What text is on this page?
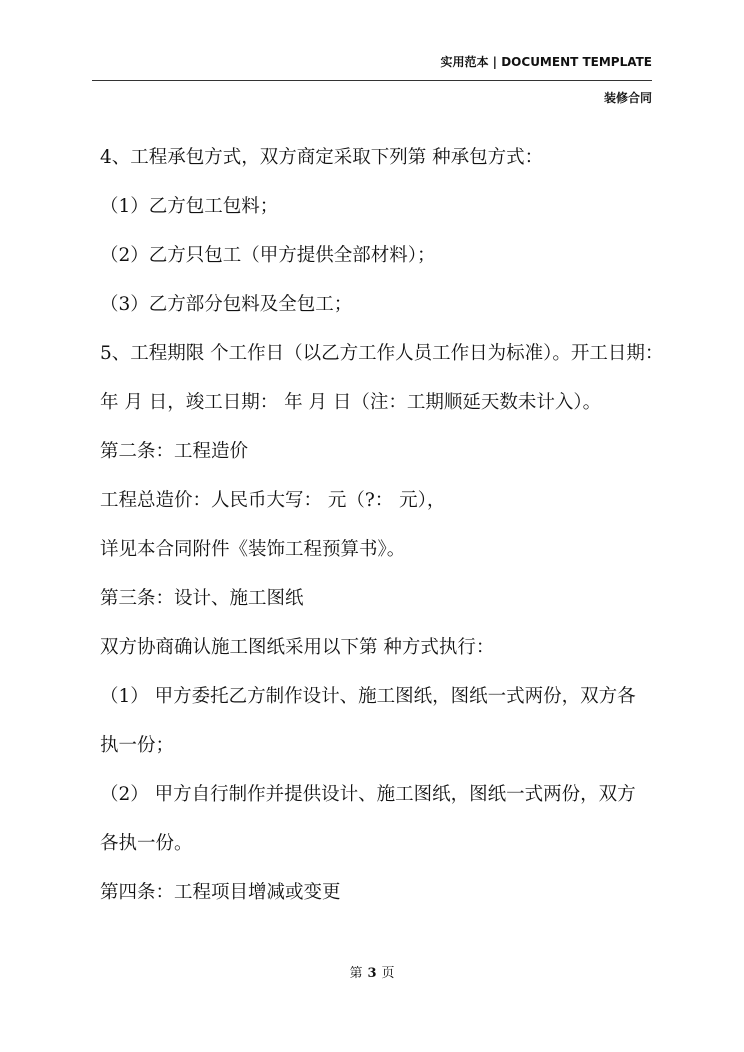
实用范本 | DOCUMENT TEMPLATE
装修合同
4、工程承包方式，双方商定采取下列第 种承包方式：
（1）乙方包工包料；
（2）乙方只包工（甲方提供全部材料）；
（3）乙方部分包料及全包工；
5、工程期限 个工作日（以乙方工作人员工作日为标准）。开工日期：
年 月 日，竣工日期： 年 月 日（注：工期顺延天数未计入）。
第二条：工程造价
工程总造价：人民币大写： 元（?： 元），
详见本合同附件《装饰工程预算书》。
第三条：设计、施工图纸
双方协商确认施工图纸采用以下第 种方式执行：
（1） 甲方委托乙方制作设计、施工图纸，图纸一式两份，双方各
执一份；
（2） 甲方自行制作并提供设计、施工图纸，图纸一式两份，双方
各执一份。
第四条：工程项目增减或变更
第 3 页
